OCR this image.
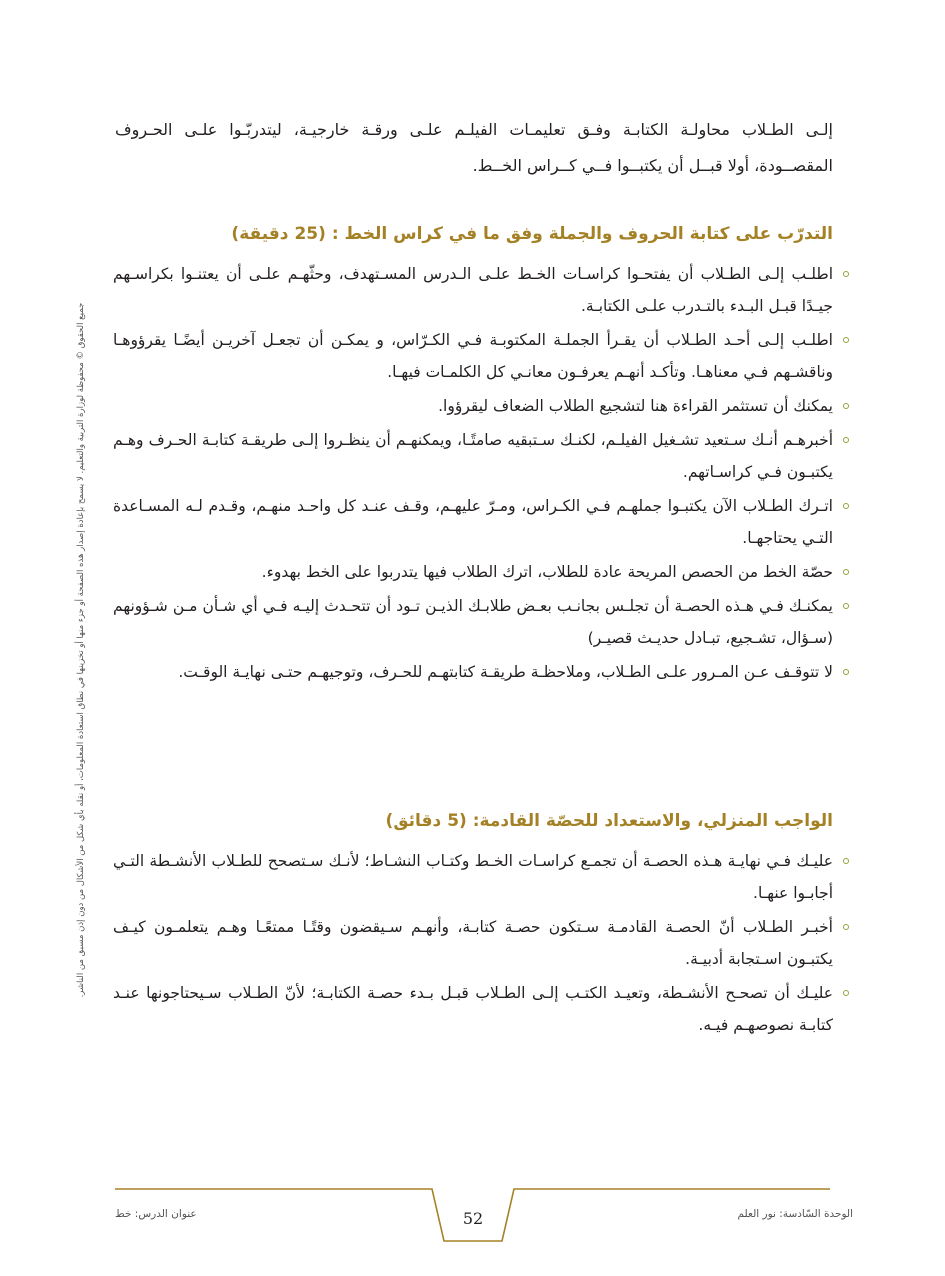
إلـى الطـلاب محاولـة الكتابـة وفـق تعليمـات الفيلـم علـى ورقـة خارجيـة، ليتدربّـوا علـى الحـروف المقصــودة، أولا قبــل أن يكتبــوا فــي كــراس الخــط.

التدرّب على كتابة الحروف والجملة وفق ما في كراس الخط : (25 دقيقة)
اطلـب إلـى الطـلاب أن يفتحـوا كراسـات الخـط علـى الـدرس المسـتهدف، وحثّهـم علـى أن يعتنـوا بكراسـهم جيـدًا قبـل البـدء بالتـدرب علـى الكتابـة.
اطلـب إلـى أحـد الطـلاب أن يقـرأ الجملـة المكتوبـة فـي الكـرّاس، و يمكـن أن تجعـل آخريـن أيضًـا يقرؤوهـا وناقشـهم فـي معناهـا. وتأكـد أنهـم يعرفـون معانـي كل الكلمـات فيهـا.
يمكنك أن تستثمر القراءة هنا لتشجيع الطلاب الضعاف ليقرؤوا.
أخبرهـم أنـك سـتعيد تشـغيل الفيلـم، لكنـك سـتبقيه صامتًـا، ويمكنهـم أن ينظـروا إلـى طريقـة كتابـة الحـرف وهـم يكتبـون فـي كراسـاتهم.
اتـرك الطـلاب الآن يكتبـوا جملهـم فـي الكـراس، ومـرّ عليهـم، وقـف عنـد كل واحـد منهـم، وقـدم لـه المسـاعدة التـي يحتاجهـا.
حصّة الخط من الحصص المريحة عادة للطلاب، اترك الطلاب فيها يتدربوا على الخط بهدوء.
يمكنـك فـي هـذه الحصـة أن تجلـس بجانـب بعـض طلابـك الذيـن تـود أن تتحـدث إليـه فـي أي شـأن مـن شـؤونهم (سـؤال، تشـجيع، تبـادل حديـث قصيـر)
لا تتوقـف عـن المـرور علـى الطـلاب، وملاحظـة طريقـة كتابتهـم للحـرف، وتوجيهـم حتـى نهايـة الوقـت.
الواجب المنزلي، والاستعداد للحصّة القادمة: (5 دقائق)
عليـك فـي نهايـة هـذه الحصـة أن تجمـع كراسـات الخـط وكتـاب النشـاط؛ لأنـك سـتصحح للطـلاب الأنشـطة التـي أجابـوا عنهـا.
أخبـر الطـلاب أنّ الحصـة القادمـة سـتكون حصـة كتابـة، وأنهـم سـيقضون وقتًـا ممتعًـا وهـم يتعلمـون كيـف يكتبـون اسـتجابة أدبيـة.
عليـك أن تصحـح الأنشـطة، وتعيـد الكتـب إلـى الطـلاب قبـل بـدء حصـة الكتابـة؛ لأنّ الطـلاب سـيحتاجونها عنـد كتابـة نصوصهـم فيـه.
جميع الحقوق © محفوظة لوزارة التربية والتعليم. لا يسمح بإعادة إصدار هذه الصفحة أو جزء منها أو تخزينها في نطاق استعادة المعلومات، أو نقله بأي شكل من الأشكال من دون إذن مسبق من الناشر.
الوحدة السّادسة: نور العلم
52
عنوان الدرس: خط
